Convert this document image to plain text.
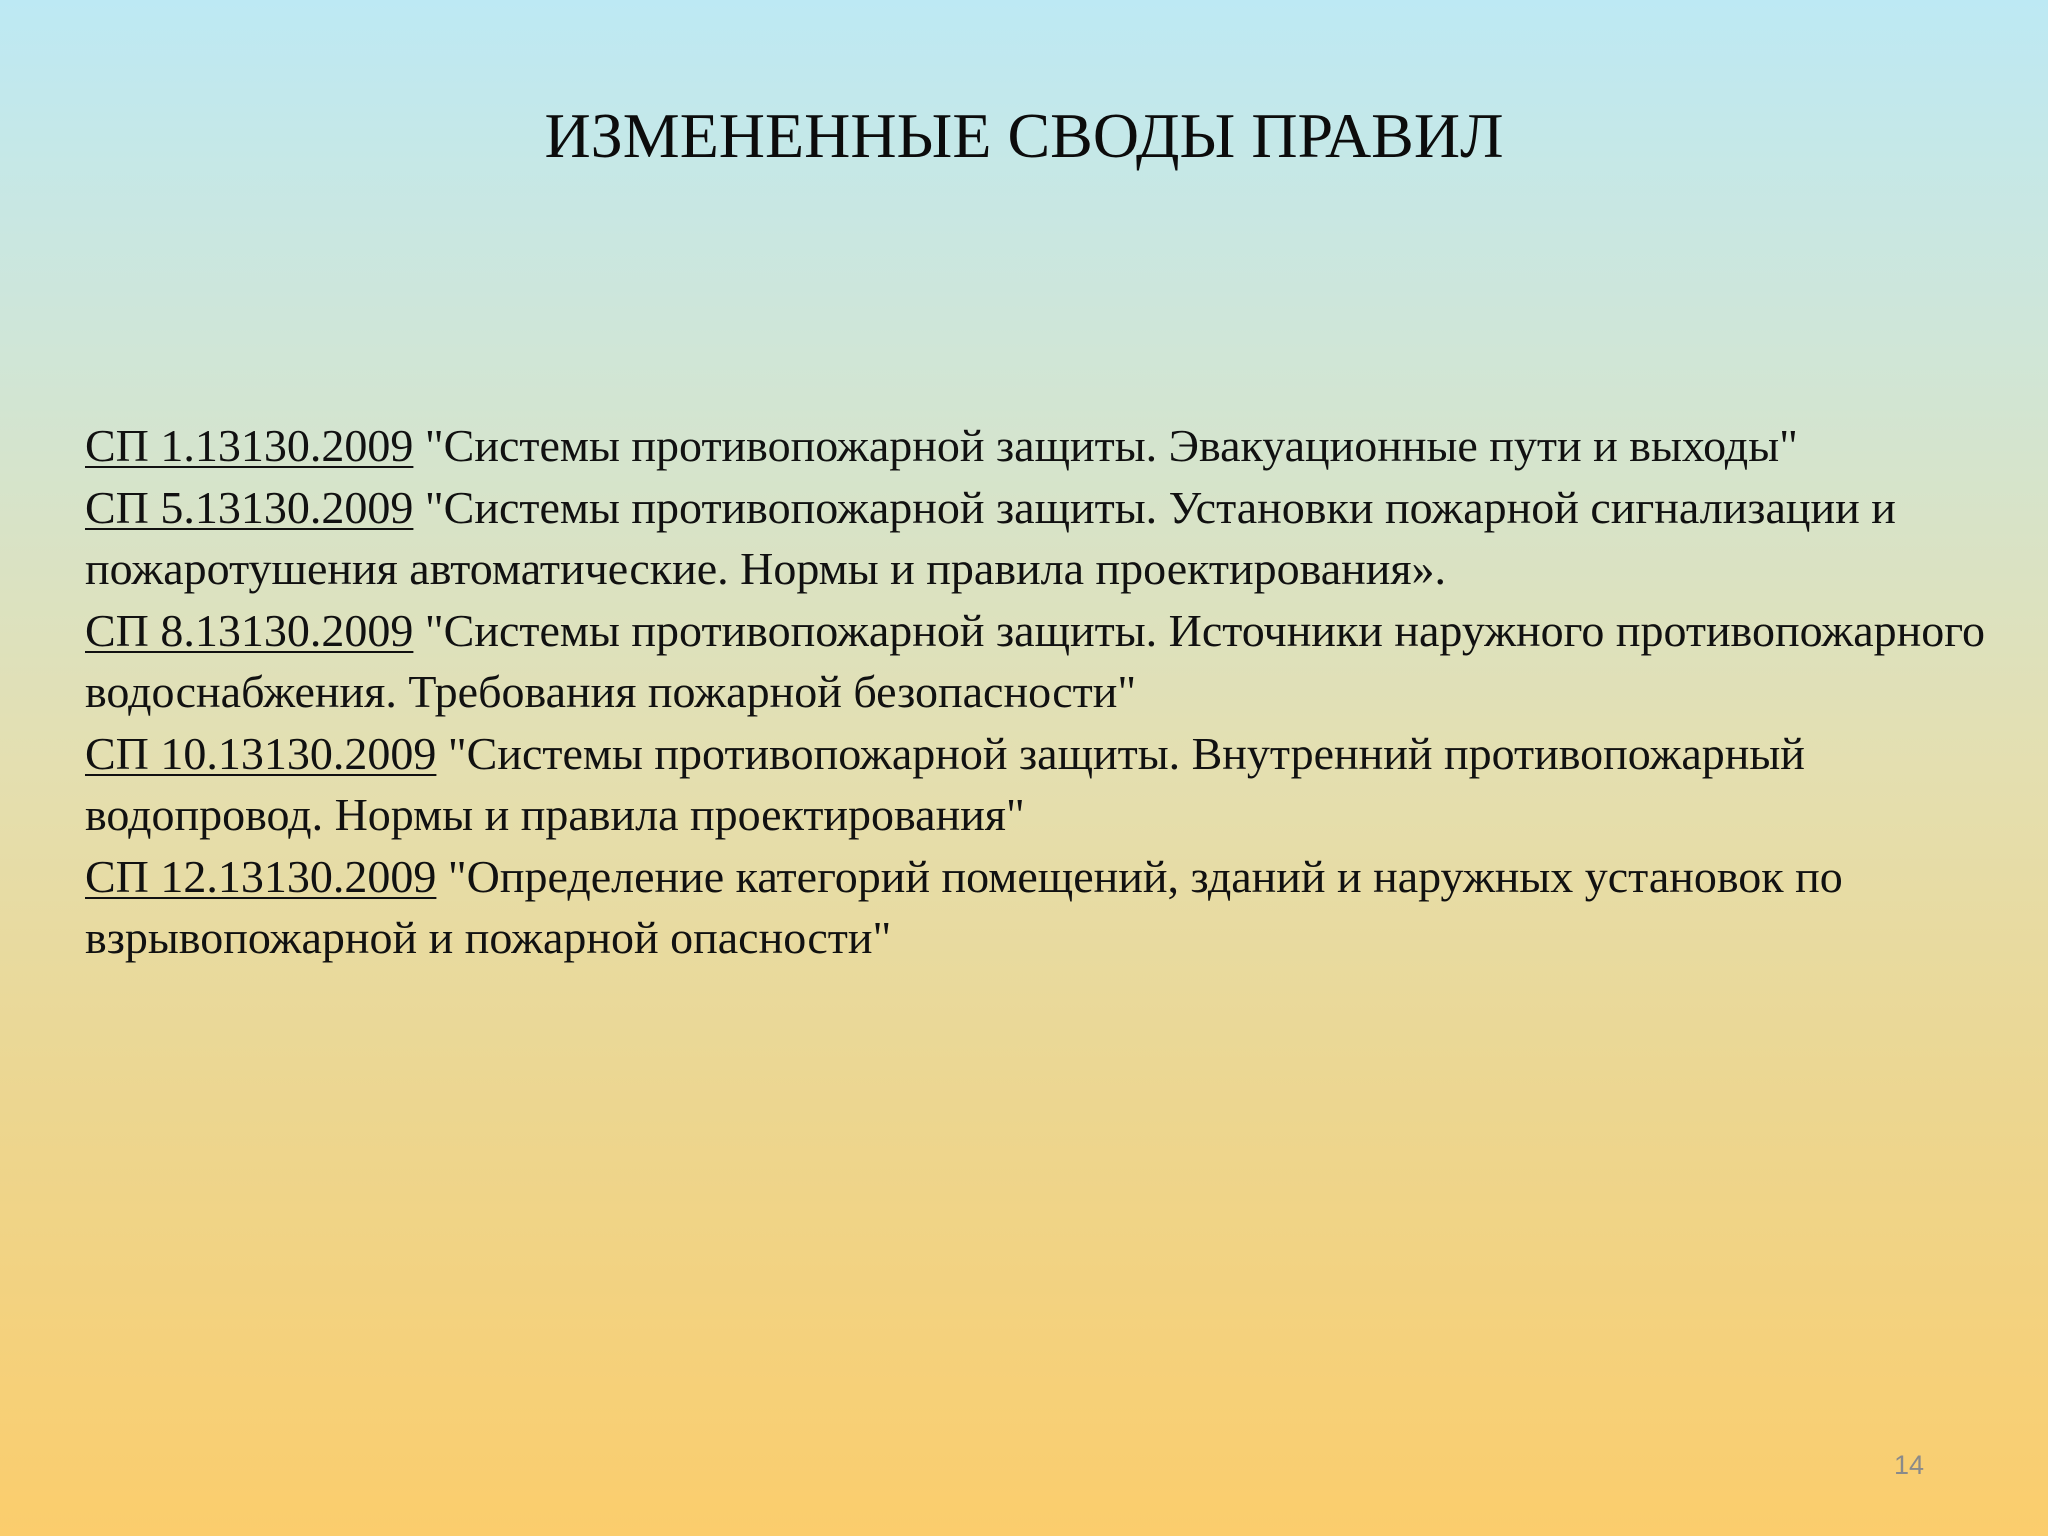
ИЗМЕНЕННЫЕ СВОДЫ ПРАВИЛ
СП 1.13130.2009 "Системы противопожарной защиты. Эвакуационные пути и выходы"
СП 5.13130.2009 "Системы противопожарной защиты. Установки пожарной сигнализации и пожаротушения автоматические. Нормы и правила проектирования».
СП 8.13130.2009 "Системы противопожарной защиты. Источники наружного противопожарного водоснабжения. Требования пожарной безопасности"
СП 10.13130.2009 "Системы противопожарной защиты. Внутренний противопожарный водопровод. Нормы и правила проектирования"
СП 12.13130.2009 "Определение категорий помещений, зданий и наружных установок по взрывопожарной и пожарной опасности"
14
